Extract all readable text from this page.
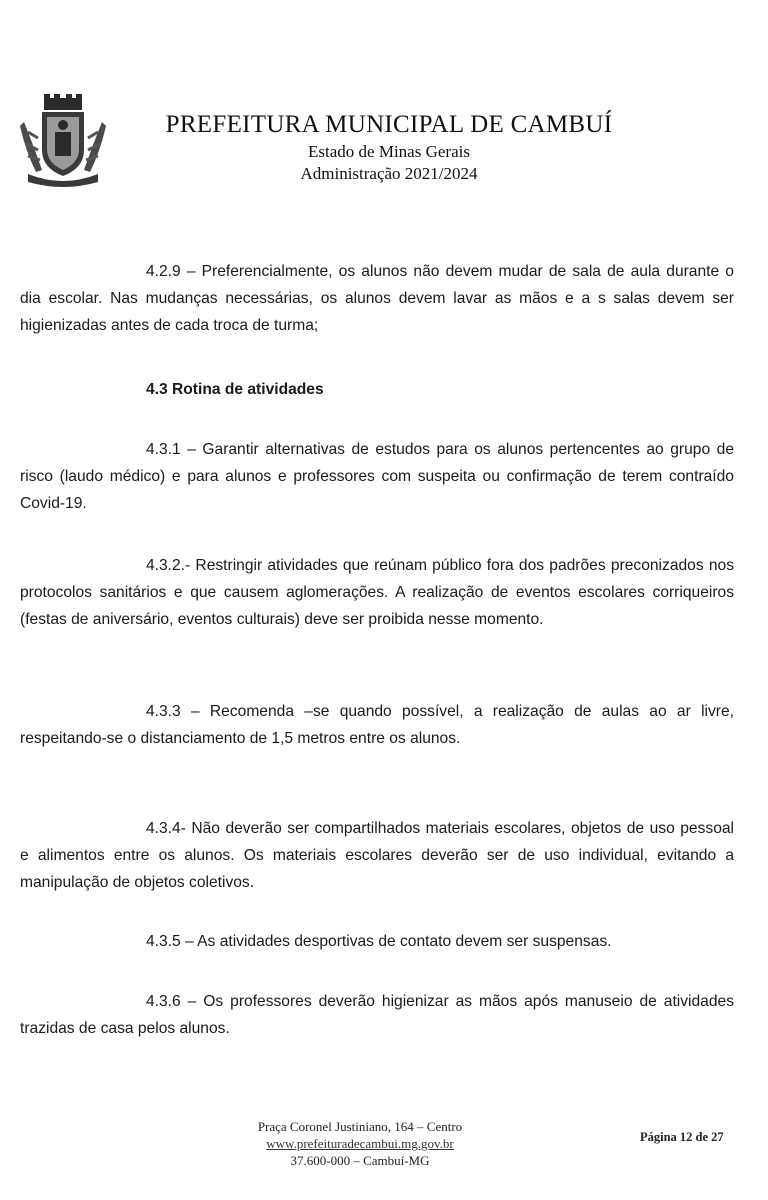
PREFEITURA MUNICIPAL DE CAMBUÍ
Estado de Minas Gerais
Administração 2021/2024

4.2.9 – Preferencialmente, os alunos não devem mudar de sala de aula durante o dia escolar. Nas mudanças necessárias, os alunos devem lavar as mãos e a s salas devem ser higienizadas antes de cada troca de turma;

4.3 Rotina de atividades

4.3.1 – Garantir alternativas de estudos para os alunos pertencentes ao grupo de risco (laudo médico) e para alunos e professores com suspeita ou confirmação de terem contraído Covid-19.

4.3.2.- Restringir atividades que reúnam público fora dos padrões preconizados nos protocolos sanitários e que causem aglomerações. A realização de eventos escolares corriqueiros (festas de aniversário, eventos culturais) deve ser proibida nesse momento.

4.3.3 – Recomenda –se quando possível, a realização de aulas ao ar livre, respeitando-se o distanciamento de 1,5 metros entre os alunos.

4.3.4- Não deverão ser compartilhados materiais escolares, objetos de uso pessoal e alimentos entre os alunos. Os materiais escolares deverão ser de uso individual, evitando a manipulação de objetos coletivos.

4.3.5 – As atividades desportivas de contato devem ser suspensas.

4.3.6 – Os professores deverão higienizar as mãos após manuseio de atividades trazidas de casa pelos alunos.

Praça Coronel Justiniano, 164 – Centro
www.prefeituradecambui.mg.gov.br
37.600-000 – Cambuí-MG
Página 12 de 27
